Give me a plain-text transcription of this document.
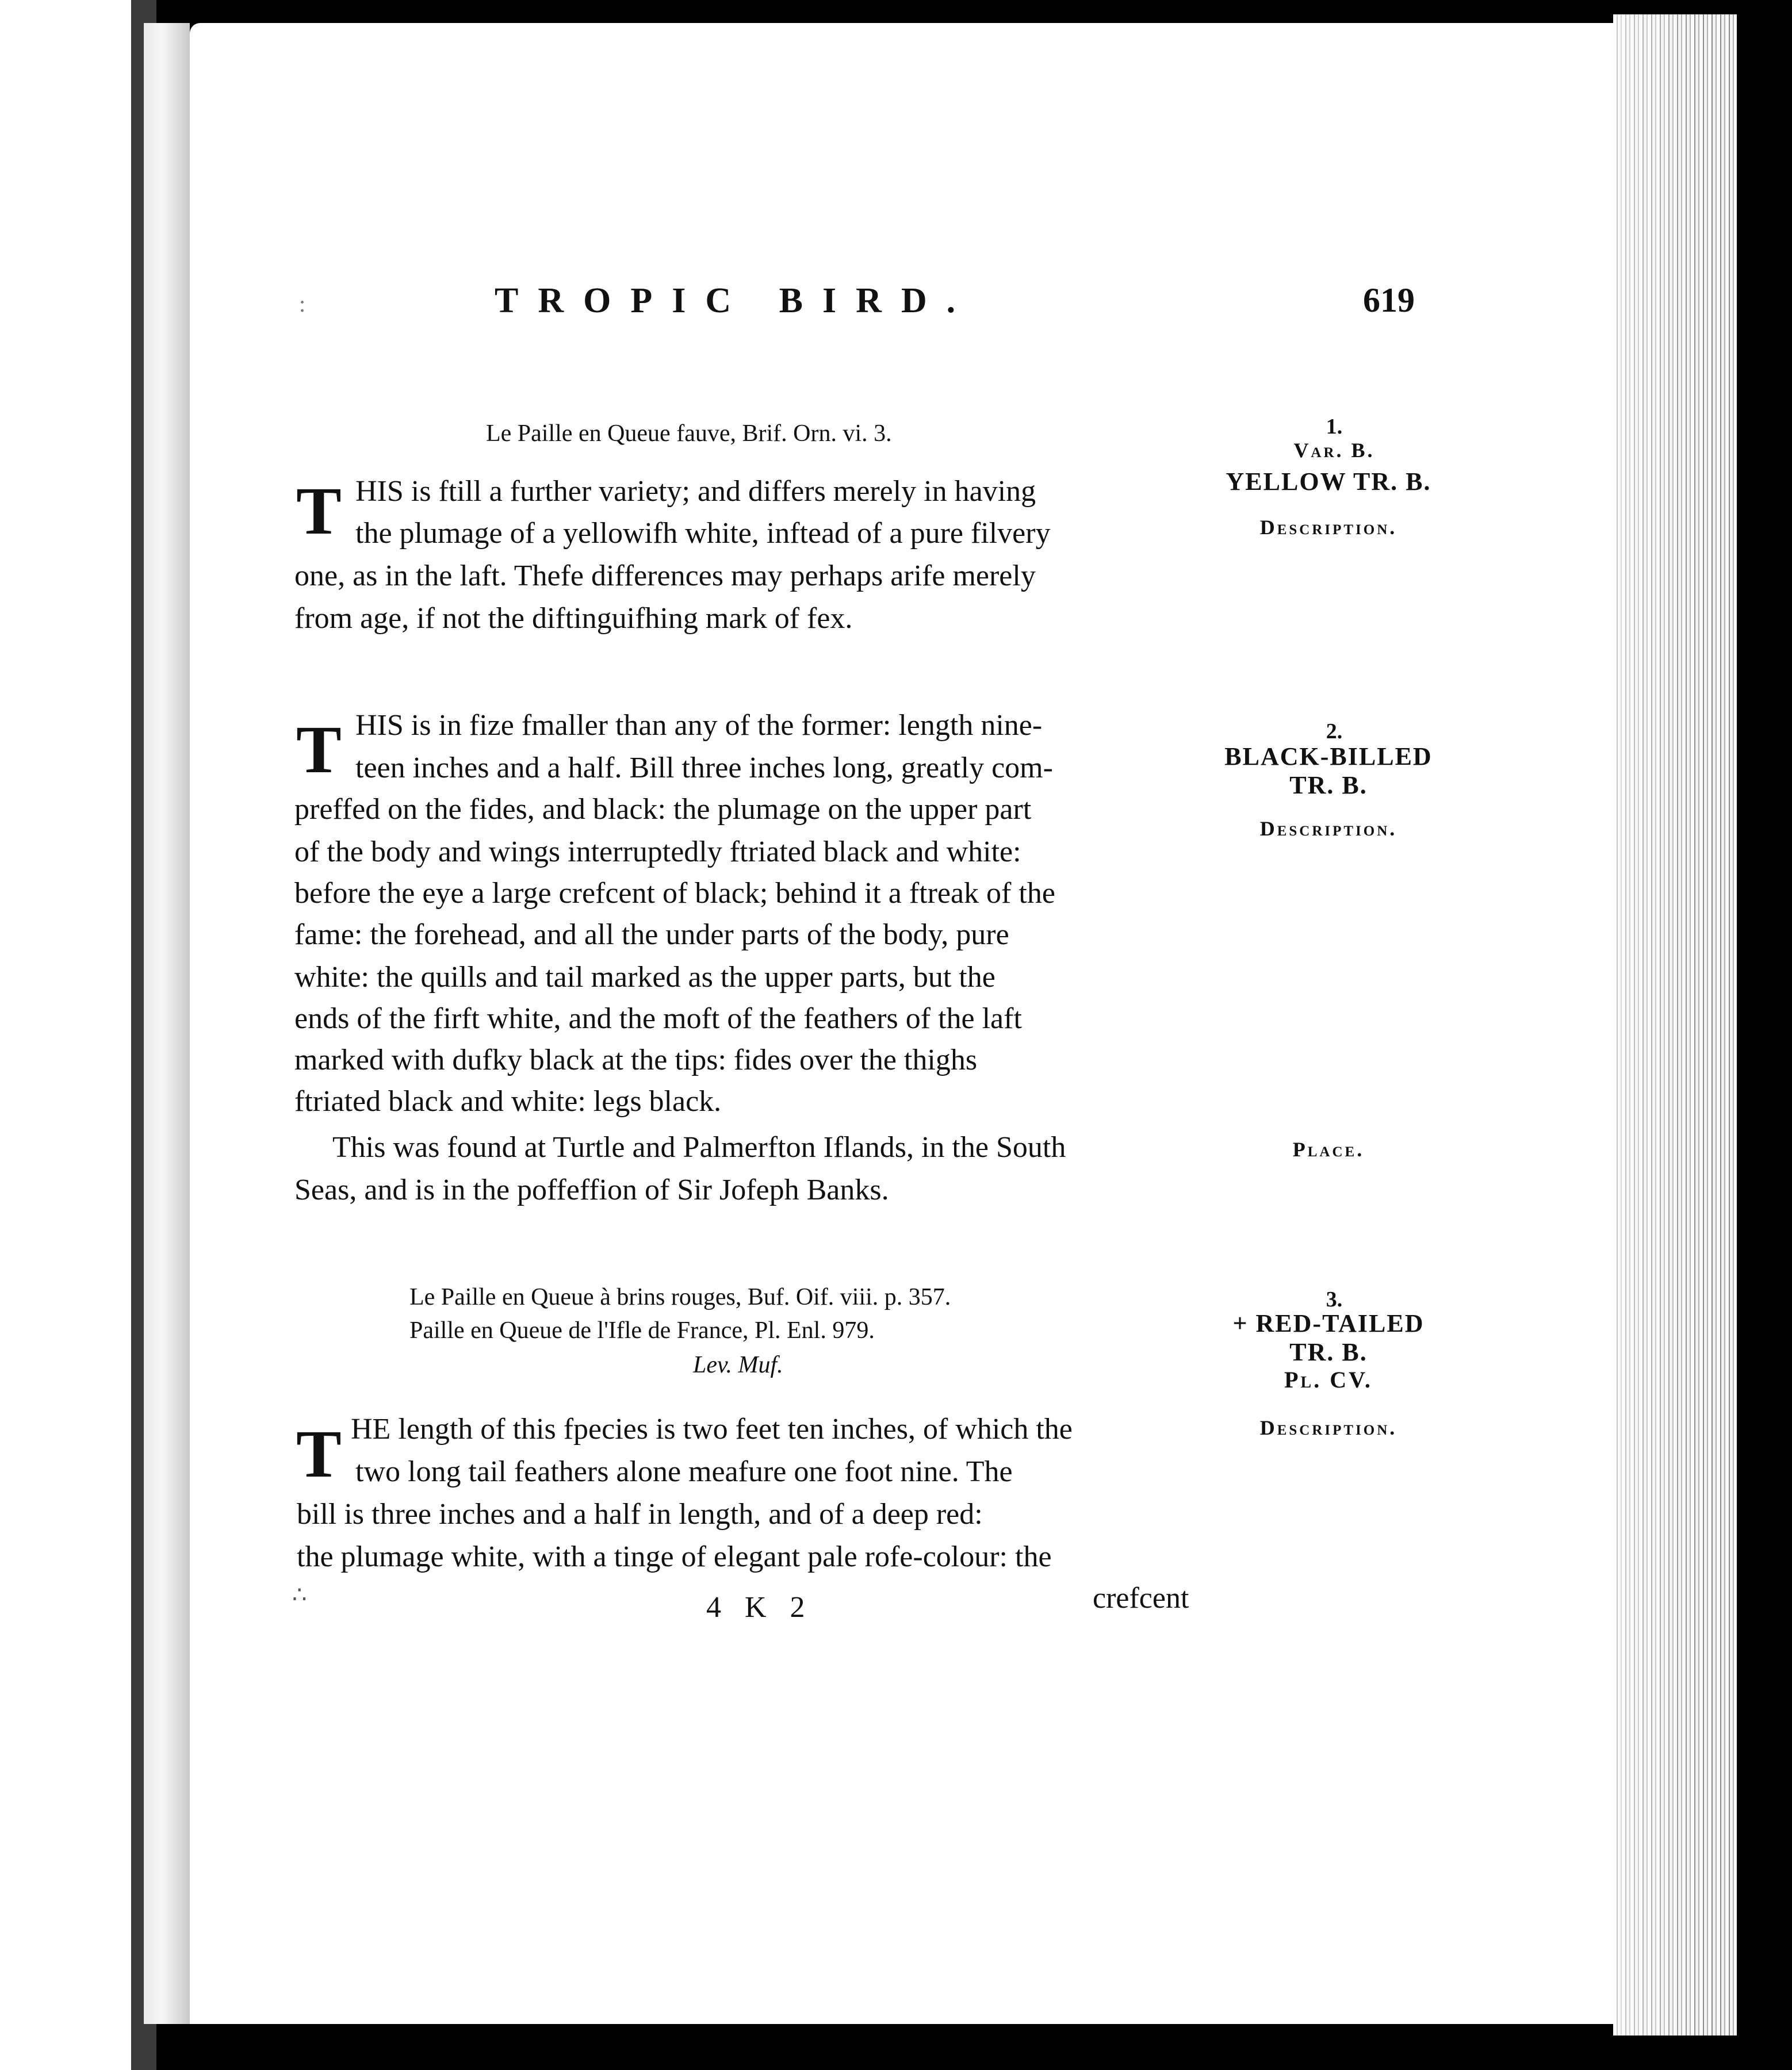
:	TROPIC BIRD.	619
Le Paille en Queue fauve, Brif. Orn. vi. 3.	1.
Var. B.
YELLOW TR. B.
Description.
T HIS is ftill a further variety; and differs merely in having
the plumage of a yellowifh white, inftead of a pure filvery
one, as in the laft. Thefe differences may perhaps arife merely
from age, if not the diftinguifhing mark of fex.
2.
BLACK-BILLED
TR. B.
Description.
T HIS is in fize fmaller than any of the former: length nine-
teen inches and a half. Bill three inches long, greatly com-
preffed on the fides, and black: the plumage on the upper part
of the body and wings interruptedly ftriated black and white:
before the eye a large crefcent of black; behind it a ftreak of the
fame: the forehead, and all the under parts of the body, pure
white: the quills and tail marked as the upper parts, but the
ends of the firft white, and the moft of the feathers of the laft
marked with dufky black at the tips: fides over the thighs
ftriated black and white: legs black.
Place.
This was found at Turtle and Palmerfton Iflands, in the South
Seas, and is in the poffeffion of Sir Jofeph Banks.
Le Paille en Queue à brins rouges, Buf. Oif. viii. p. 357.
Paille en Queue de l'Ifle de France, Pl. Enl. 979.
Lev. Muf.
3.
+ RED-TAILED
TR. B.
Pl. CV.
Description.
T HE length of this fpecies is two feet ten inches, of which the
two long tail feathers alone meafure one foot nine. The
bill is three inches and a half in length, and of a deep red:
the plumage white, with a tinge of elegant pale rofe-colour: the
∴	4 K 2	crefcent
